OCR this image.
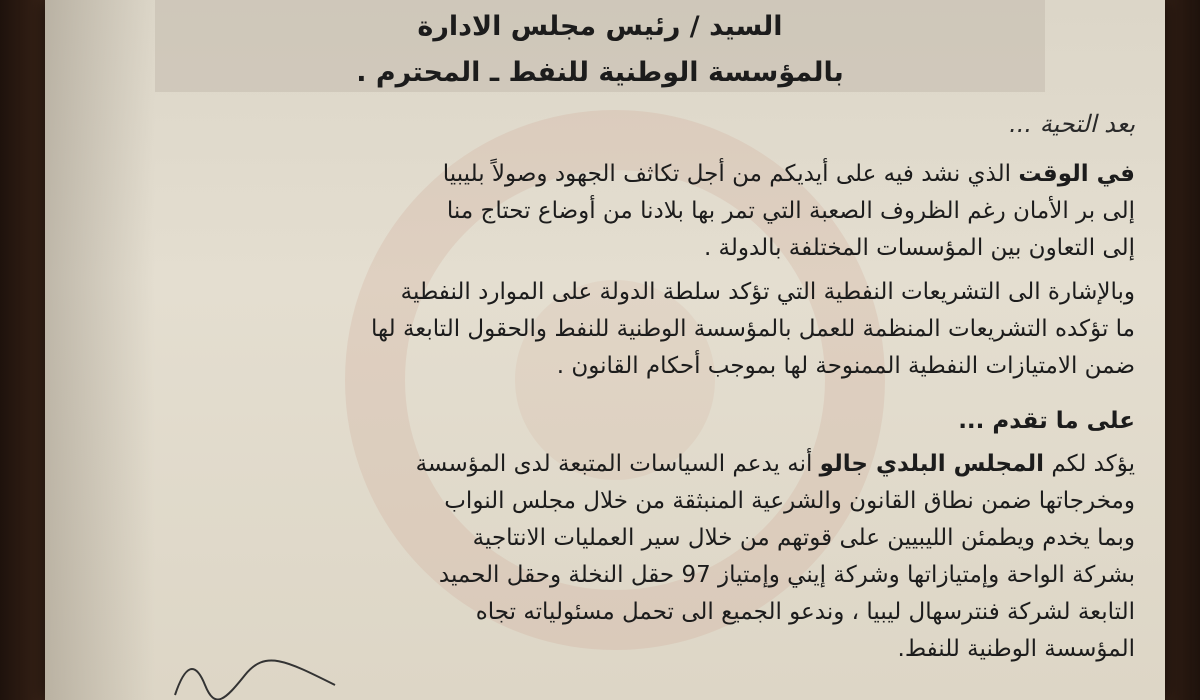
السيد / رئيس مجلس الادارة
بالمؤسسة الوطنية للنفط ـ المحترم .
بعد التحية ...
في الوقت الذي نشد فيه على أيديكم من أجل تكاثف الجهود وصولاً بليبيا
إلى بر الأمان رغم الظروف الصعبة التي تمر بها بلادنا من أوضاع تحتاج منا
إلى التعاون بين المؤسسات المختلفة بالدولة .
وبالإشارة الى التشريعات النفطية التي تؤكد سلطة الدولة على الموارد النفطية
ما تؤكده التشريعات المنظمة للعمل بالمؤسسة الوطنية للنفط والحقول التابعة لها
ضمن الامتيازات النفطية الممنوحة لها بموجب أحكام القانون .
على ما تقدم ...
يؤكد لكم المجلس البلدي جالو أنه يدعم السياسات المتبعة لدى المؤسسة
ومخرجاتها ضمن نطاق القانون والشرعية المنبثقة من خلال مجلس النواب
وبما يخدم ويطمئن الليبيين على قوتهم من خلال سير العمليات الانتاجية
بشركة الواحة وإمتيازاتها وشركة إيني وإمتياز 97 حقل النخلة وحقل الحميد
التابعة لشركة فنترسهال ليبيا ، وندعو الجميع الى تحمل مسئولياته تجاه
المؤسسة الوطنية للنفط.
